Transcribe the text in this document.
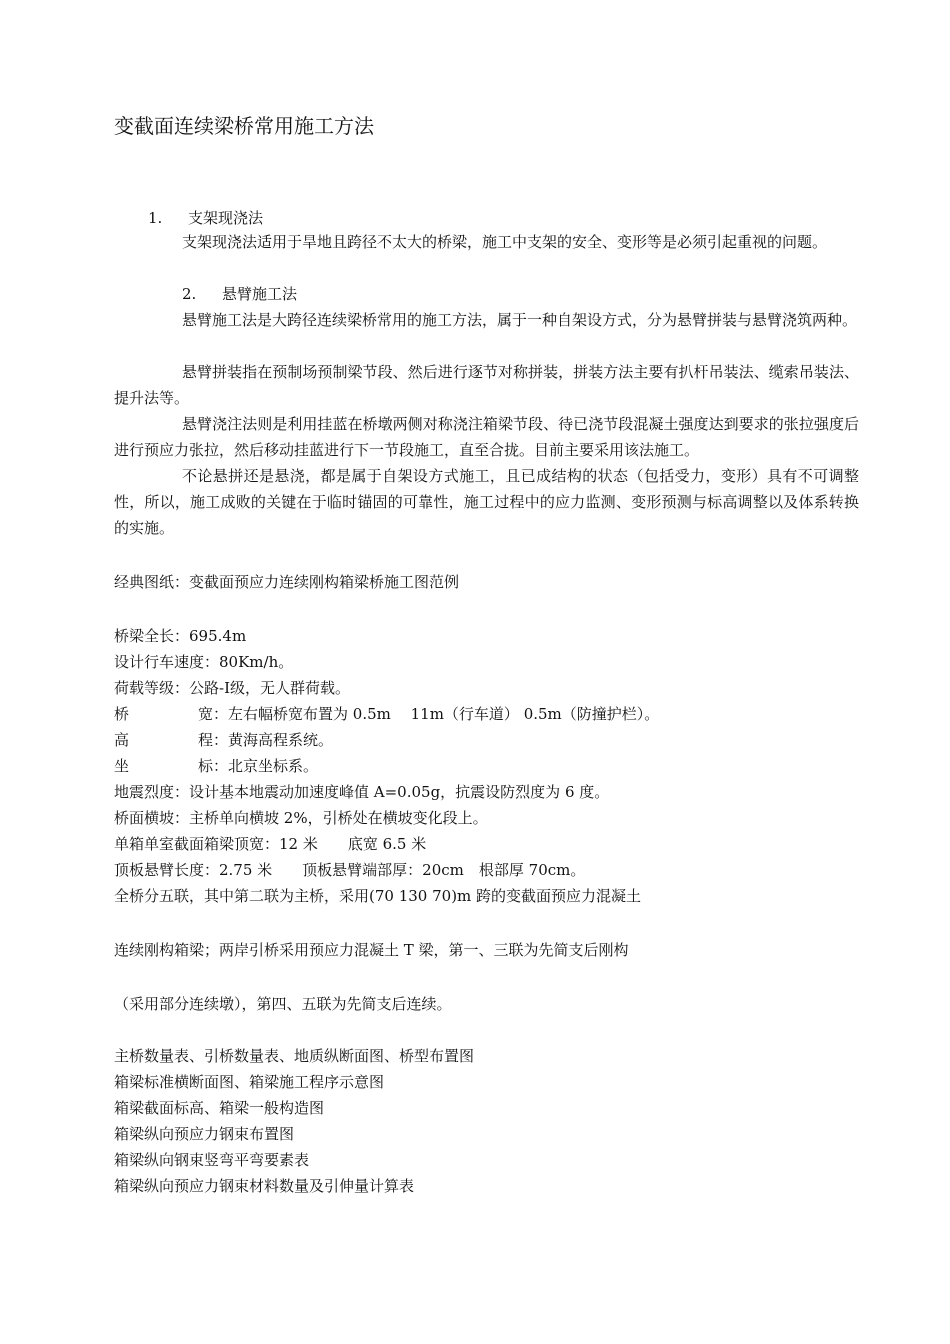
变截面连续梁桥常用施工方法
1. 支架现浇法
支架现浇法适用于旱地且跨径不太大的桥梁，施工中支架的安全、变形等是必须引起重视的问题。
2. 悬臂施工法
悬臂施工法是大跨径连续梁桥常用的施工方法，属于一种自架设方式，分为悬臂拼装与悬臂浇筑两种。
悬臂拼装指在预制场预制梁节段、然后进行逐节对称拼装，拼装方法主要有扒杆吊装法、缆索吊装法、提升法等。
悬臂浇注法则是利用挂蓝在桥墩两侧对称浇注箱梁节段、待已浇节段混凝土强度达到要求的张拉强度后进行预应力张拉，然后移动挂蓝进行下一节段施工，直至合拢。目前主要采用该法施工。
不论悬拼还是悬浇，都是属于自架设方式施工，且已成结构的状态（包括受力，变形）具有不可调整性，所以，施工成败的关键在于临时锚固的可靠性，施工过程中的应力监测、变形预测与标高调整以及体系转换的实施。
经典图纸：变截面预应力连续刚构箱梁桥施工图范例
桥梁全长：695.4m
设计行车速度：80Km/h。
荷载等级：公路-Ⅰ级，无人群荷载。
桥	宽：左右幅桥宽布置为 0.5m　 11m（行车道） 0.5m（防撞护栏）。
高	程：黄海高程系统。
坐	标：北京坐标系。
地震烈度：设计基本地震动加速度峰值 A=0.05g，抗震设防烈度为 6 度。
桥面横坡：主桥单向横坡 2%，引桥处在横坡变化段上。
单箱单室截面箱梁顶宽：12 米　　底宽 6.5 米
顶板悬臂长度：2.75 米　　顶板悬臂端部厚：20cm　根部厚 70cm。
全桥分五联，其中第二联为主桥，采用(70 130 70)m 跨的变截面预应力混凝土
连续刚构箱梁；两岸引桥采用预应力混凝土 T 梁，第一、三联为先简支后刚构
（采用部分连续墩），第四、五联为先简支后连续。
主桥数量表、引桥数量表、地质纵断面图、桥型布置图
箱梁标准横断面图、箱梁施工程序示意图
箱梁截面标高、箱梁一般构造图
箱梁纵向预应力钢束布置图
箱梁纵向钢束竖弯平弯要素表
箱梁纵向预应力钢束材料数量及引伸量计算表
